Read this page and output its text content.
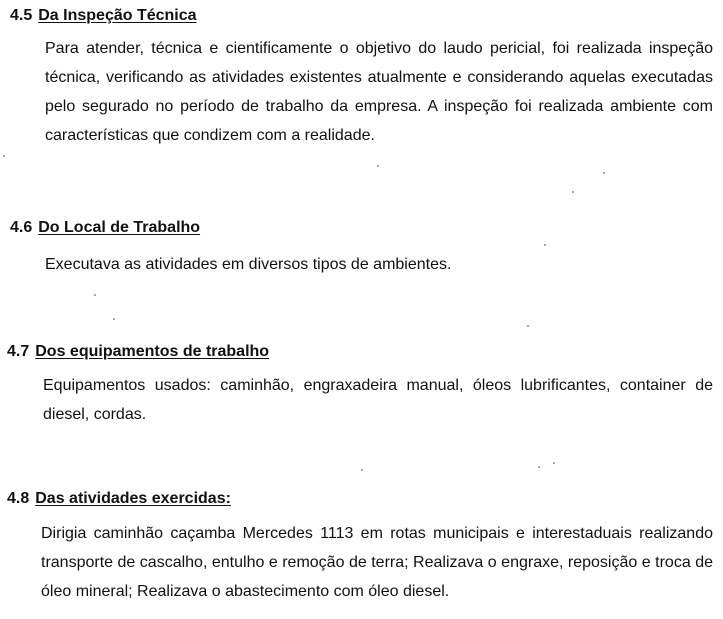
4.5 Da Inspeção Técnica

Para atender, técnica e cientificamente o objetivo do laudo pericial, foi realizada inspeção técnica, verificando as atividades existentes atualmente e considerando aquelas executadas pelo segurado no período de trabalho da empresa. A inspeção foi realizada ambiente com características que condizem com a realidade.

4.6 Do Local de Trabalho

Executava as atividades em diversos tipos de ambientes.

4.7 Dos equipamentos de trabalho

Equipamentos usados: caminhão, engraxadeira manual, óleos lubrificantes, container de diesel, cordas.

4.8 Das atividades exercidas:

Dirigia caminhão caçamba Mercedes 1113 em rotas municipais e interestaduais realizando transporte de cascalho, entulho e remoção de terra; Realizava o engraxe, reposição e troca de óleo mineral; Realizava o abastecimento com óleo diesel.
